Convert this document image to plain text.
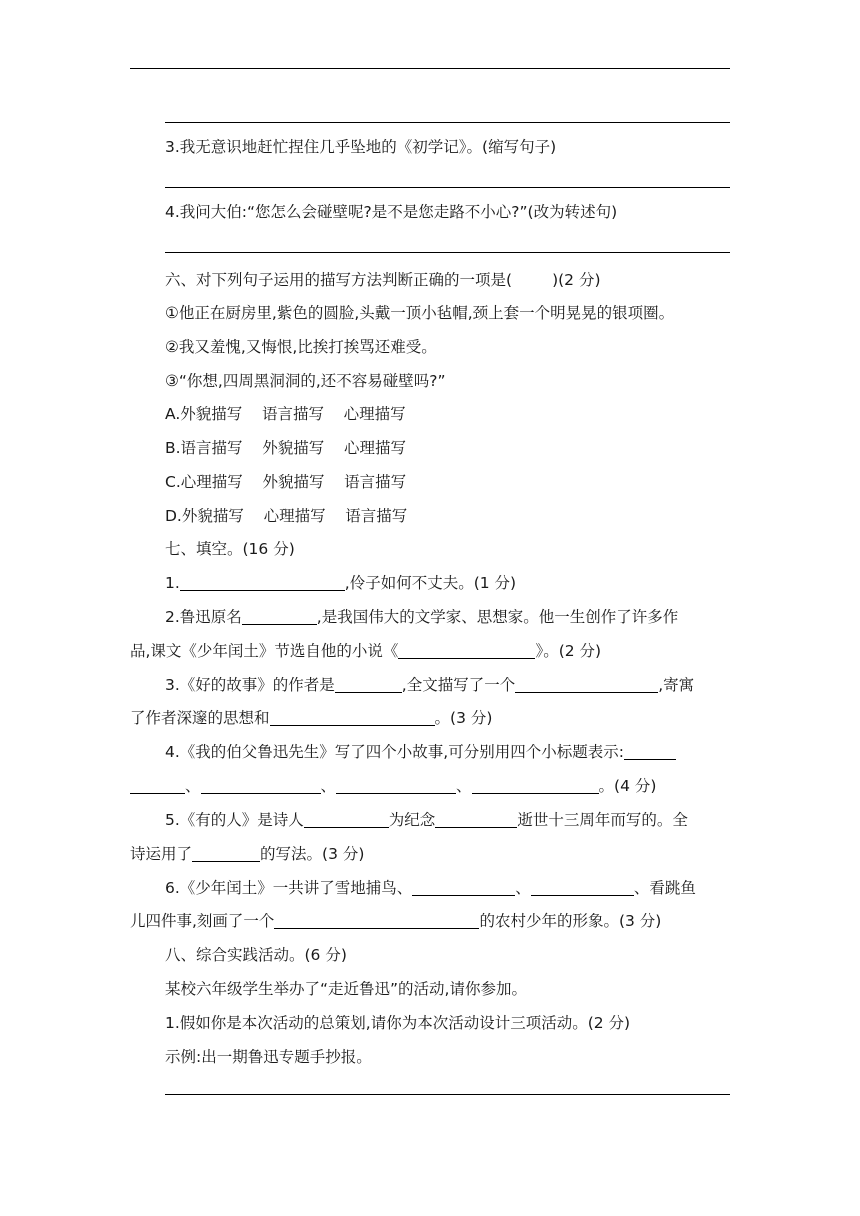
3.我无意识地赶忙捏住几乎坠地的《初学记》。(缩写句子)
4.我问大伯:“您怎么会碰壁呢?是不是您走路不小心?”(改为转述句)
六、对下列句子运用的描写方法判断正确的一项是(	)(2 分)
①他正在厨房里,紫色的圆脸,头戴一顶小毡帽,颈上套一个明晃晃的银项圈。
②我又羞愧,又悔恨,比挨打挨骂还难受。
③“你想,四周黑洞洞的,还不容易碰壁吗?”
A.外貌描写    语言描写    心理描写
B.语言描写    外貌描写    心理描写
C.心理描写    外貌描写    语言描写
D.外貌描写    心理描写    语言描写
七、填空。(16 分)
1.	,伶子如何不丈夫。(1 分)
2.鲁迅原名	,是我国伟大的文学家、思想家。他一生创作了许多作
品,课文《少年闰土》节选自他的小说《	》。(2 分)
3.《好的故事》的作者是	,全文描写了一个	,寄寓
了作者深邃的思想和	。(3 分)
4.《我的伯父鲁迅先生》写了四个小故事,可分别用四个小标题表示:
、	、	、	。(4 分)
5.《有的人》是诗人	为纪念	逝世十三周年而写的。全
诗运用了	的写法。(3 分)
6.《少年闰土》一共讲了雪地捕鸟、	、	、看跳鱼
儿四件事,刻画了一个	的农村少年的形象。(3 分)
八、综合实践活动。(6 分)
某校六年级学生举办了“走近鲁迅”的活动,请你参加。
1.假如你是本次活动的总策划,请你为本次活动设计三项活动。(2 分)
示例:出一期鲁迅专题手抄报。
